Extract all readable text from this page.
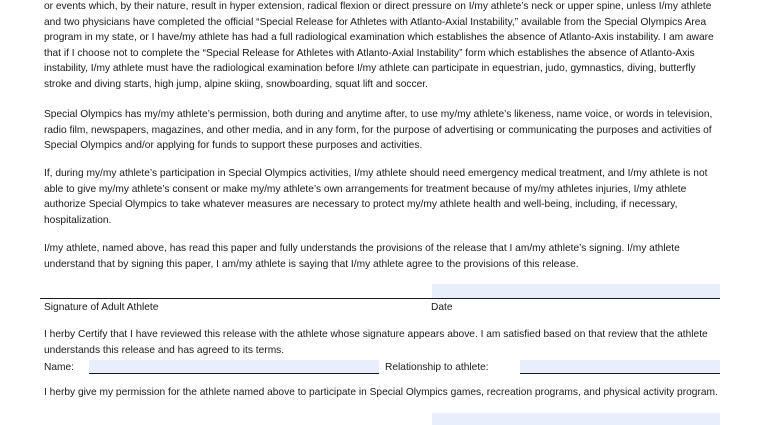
or events which, by their nature, result in hyper extension, radical flexion or direct pressure on I/my athlete’s neck or upper spine, unless I/my athlete and two physicians have completed the official “Special Release for Athletes with Atlanto-Axial Instability,” available from the Special Olympics Area program in my state, or I have/my athlete has had a full radiological examination which establishes the absence of Atlanto-Axis instability. I am aware that if I choose not to complete the “Special Release for Athletes with Atlanto-Axial Instability” form which establishes the absence of Atlanto-Axis instability, I/my athlete must have the radiological examination before I/my athlete can participate in equestrian, judo, gymnastics, diving, butterfly stroke and diving starts, high jump, alpine skiing, snowboarding, squat lift and soccer.

Special Olympics has my/my athlete’s permission, both during and anytime after, to use my/my athlete’s likeness, name voice, or words in television, radio film, newspapers, magazines, and other media, and in any form, for the purpose of advertising or communicating the purposes and activities of Special Olympics and/or applying for funds to support these purposes and activities.

If, during my/my athlete’s participation in Special Olympics activities, I/my athlete should need emergency medical treatment, and I/my athlete is not able to give my/my athlete’s consent or make my/my athlete’s own arrangements for treatment because of my/my athletes injuries, I/my athlete authorize Special Olympics to take whatever measures are necessary to protect my/my athlete health and well-being, including, if necessary, hospitalization.

I/my athlete, named above, has read this paper and fully understands the provisions of the release that I am/my athlete’s signing. I/my athlete understand that by signing this paper, I am/my athlete is saying that I/my athlete agree to the provisions of this release.

Signature of Adult Athlete	Date

I herby Certify that I have reviewed this release with the athlete whose signature appears above. I am satisfied based on that review that the athlete understands this release and has agreed to its terms.

Name:	Relationship to athlete:

I herby give my permission for the athlete named above to participate in Special Olympics games, recreation programs, and physical activity program.
